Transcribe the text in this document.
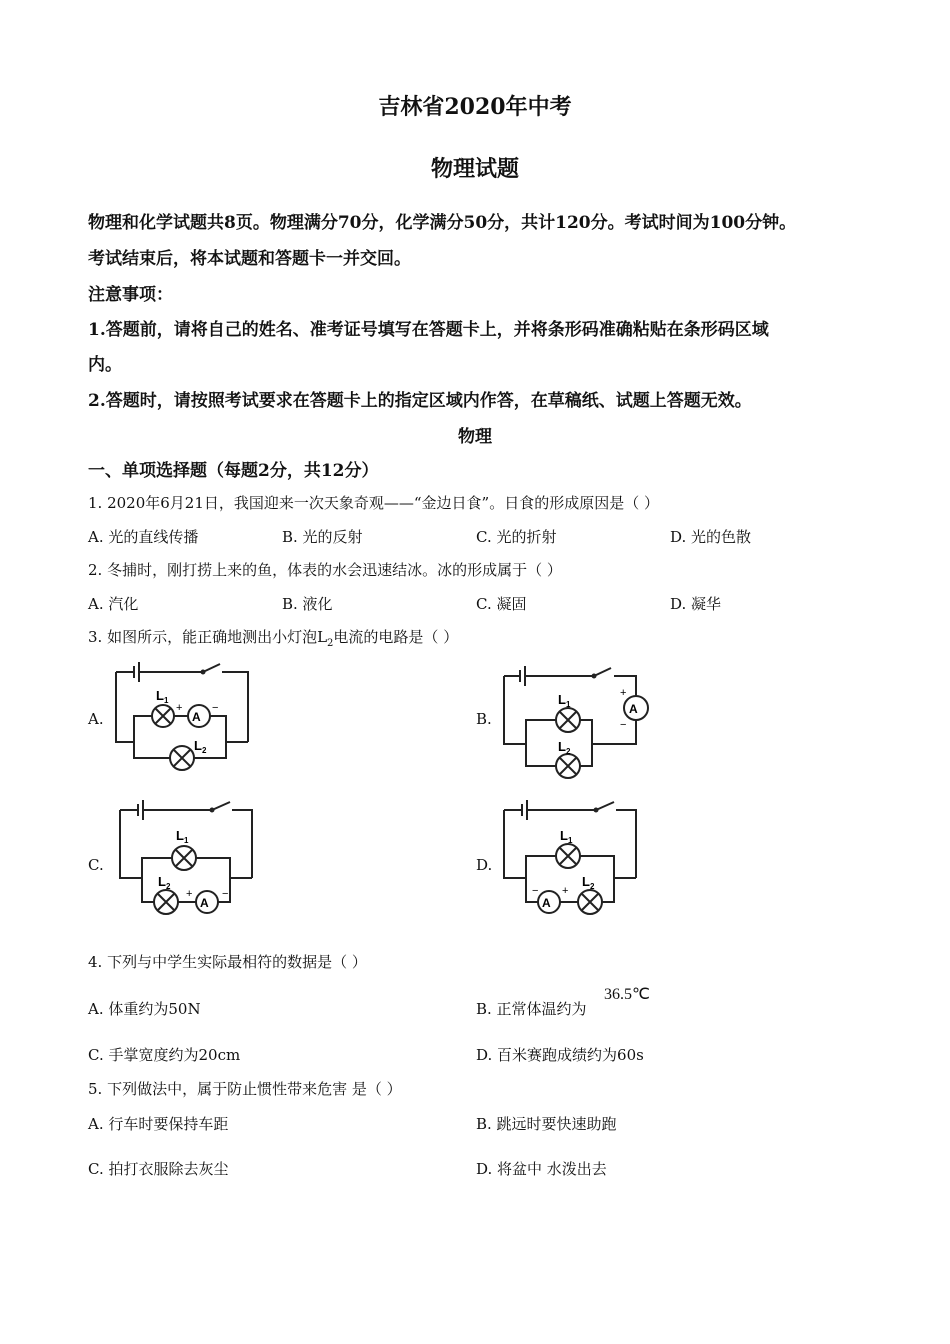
吉林省2020年中考
物理试题
物理和化学试题共8页。物理满分70分，化学满分50分，共计120分。考试时间为100分钟。
考试结束后，将本试题和答题卡一并交回。
注意事项：
1.答题前，请将自己的姓名、准考证号填写在答题卡上，并将条形码准确粘贴在条形码区域
内。
2.答题时，请按照考试要求在答题卡上的指定区域内作答，在草稿纸、试题上答题无效。
物理
一、单项选择题（每题2分，共12分）
1. 2020年6月21日，我国迎来一次天象奇观——“金边日食”。日食的形成原因是（ ）
A. 光的直线传播	B. 光的反射	C. 光的折射	D. 光的色散
2. 冬捕时，刚打捞上来的鱼，体表的水会迅速结冰。冰的形成属于（ ）
A. 汽化	B. 液化	C. 凝固	D. 凝华
3. 如图所示，能正确地测出小灯泡$L_2$电流的电路是（ ）
A.	B.
C.	D.
L 1
A
+	−
L 2
L 1
L 2
A
+
−
L 1
L 2
A
+	−
L 1
L 2
A
+
−
4. 下列与中学生实际最相符的数据是（ ）
A. 体重约为50N	B. 正常体温约为
36.5℃
C. 手掌宽度约为20cm	D. 百米赛跑成绩约为60s
5. 下列做法中，属于防止惯性带来危害 是（ ）
A. 行车时要保持车距	B. 跳远时要快速助跑
C. 拍打衣服除去灰尘	D. 将盆中 水泼出去
